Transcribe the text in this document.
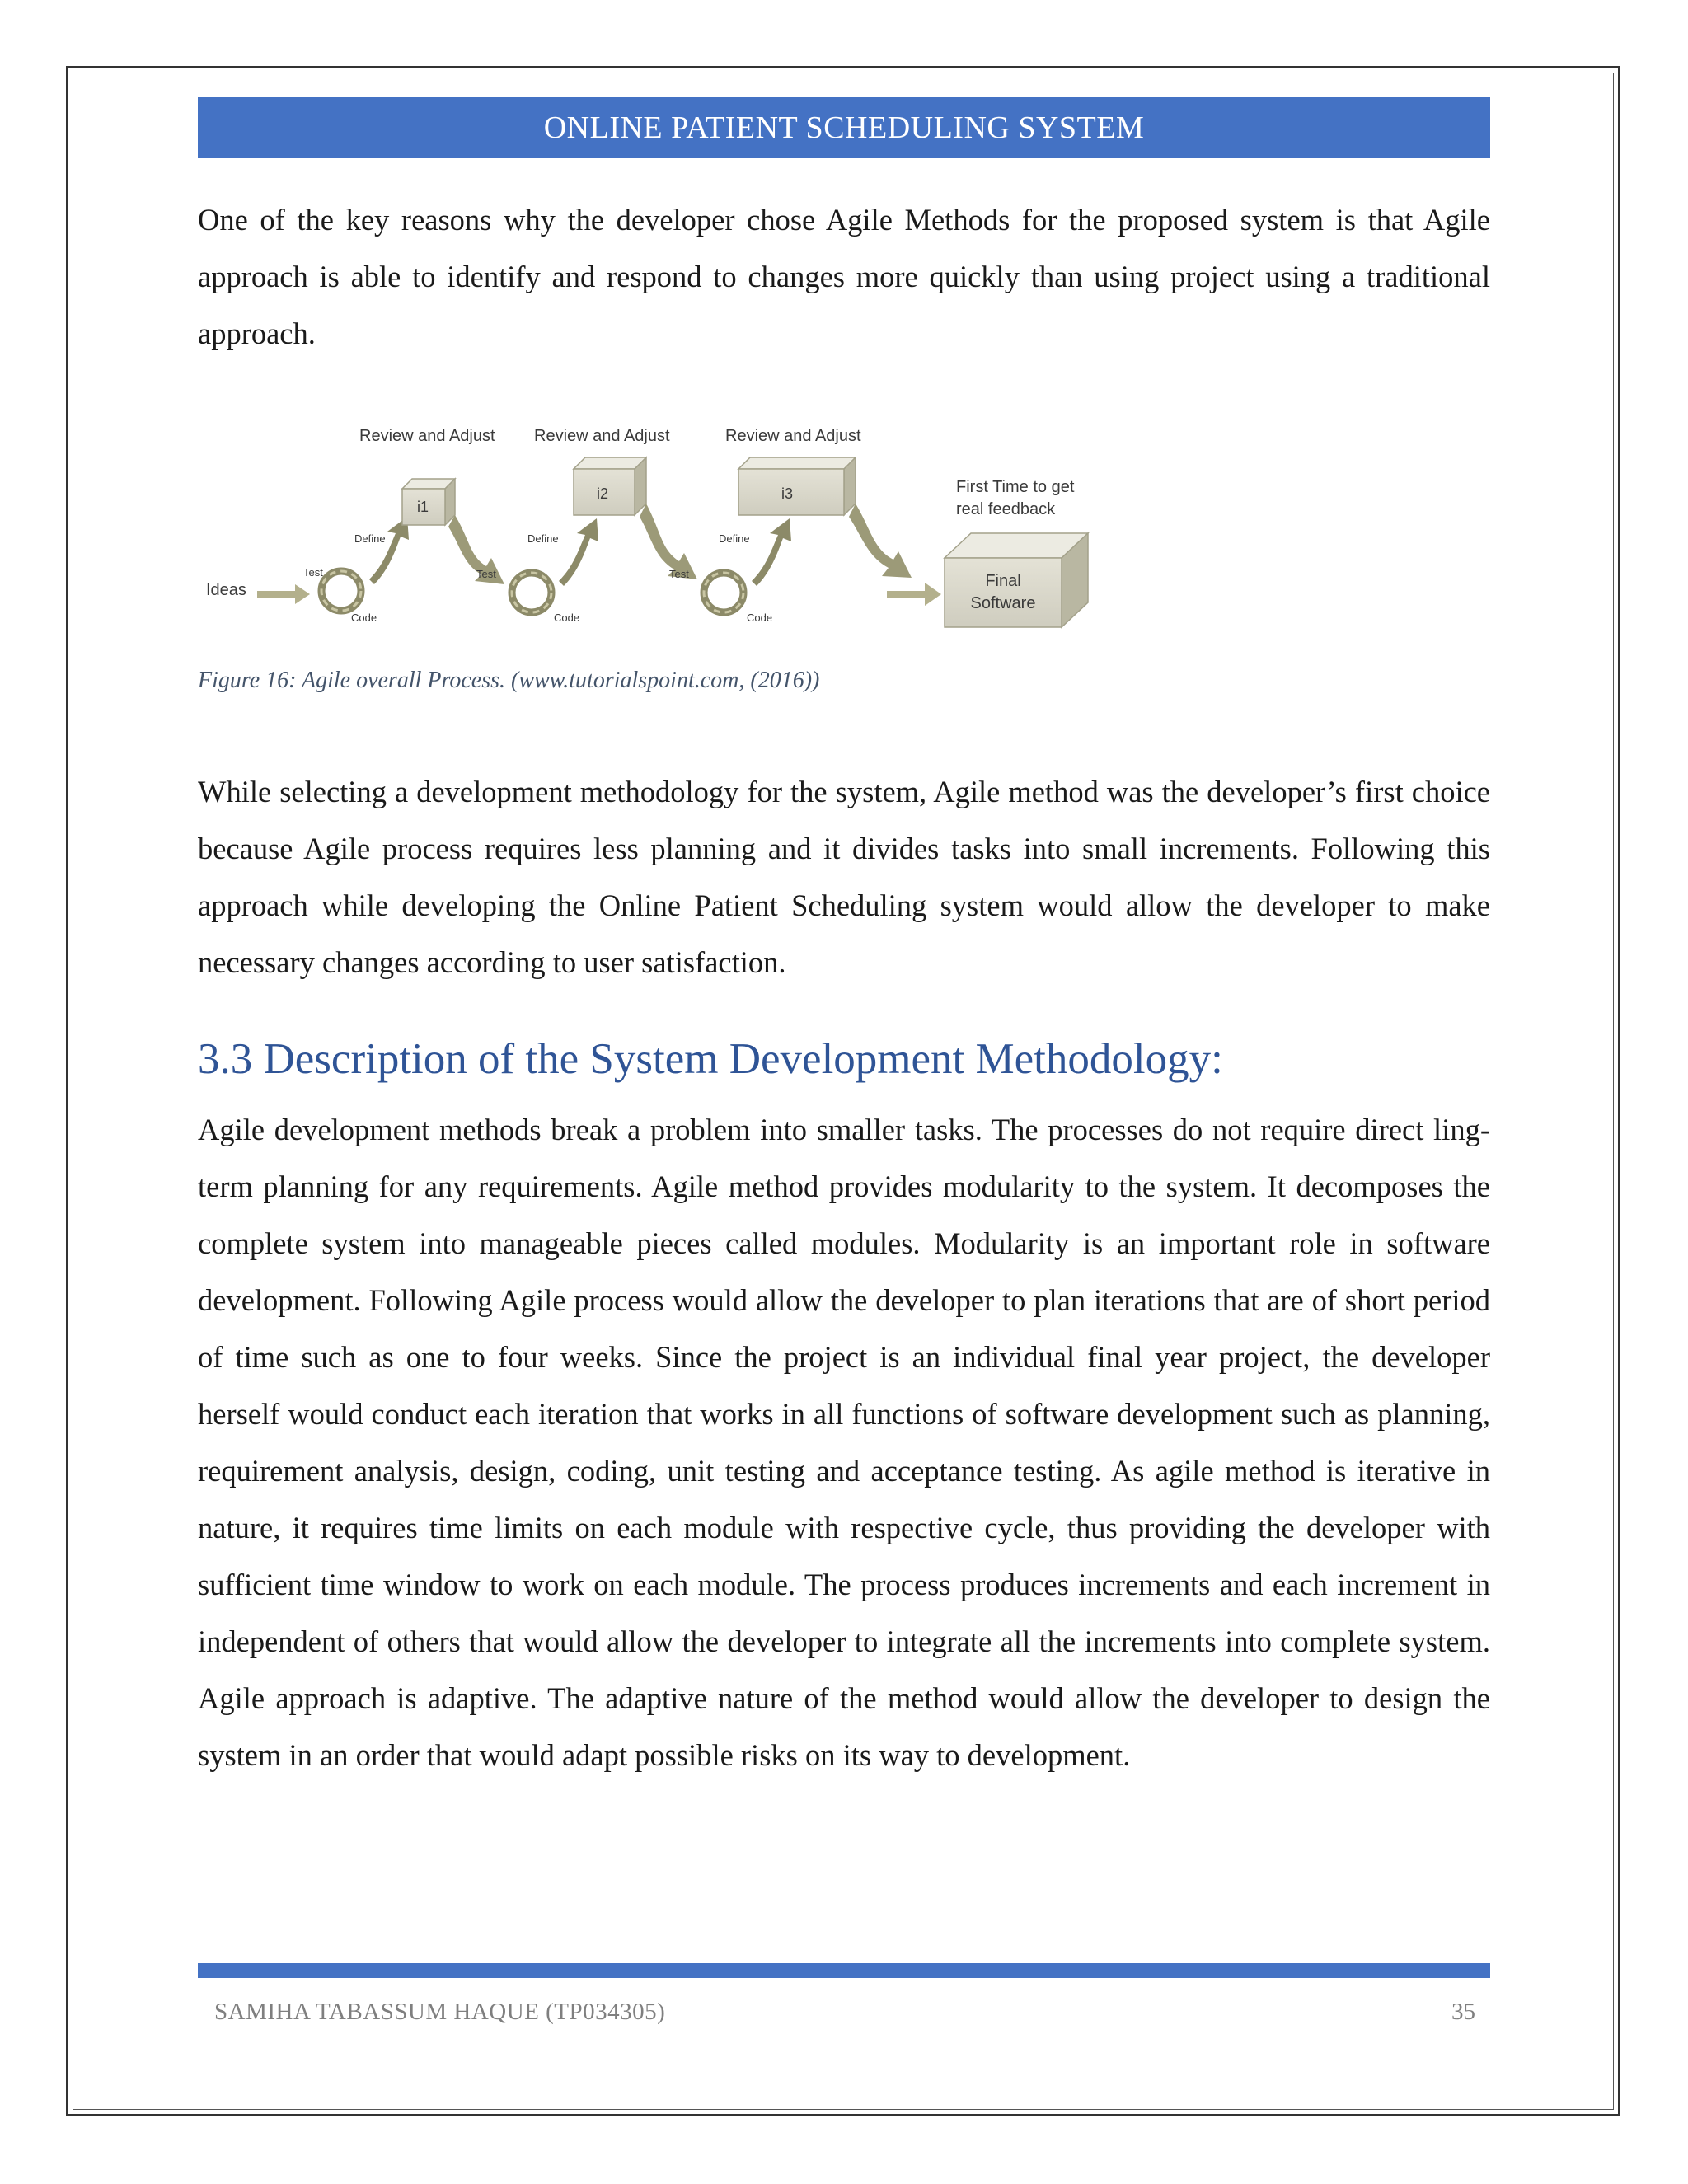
ONLINE PATIENT SCHEDULING SYSTEM

One of the key reasons why the developer chose Agile Methods for the proposed system is that Agile approach is able to identify and respond to changes more quickly than using project using a traditional approach.

Ideas
Test
Define
Code
Review and Adjust
i1
Test
Define
Code
Review and Adjust
i2
Test
Define
Code
Review and Adjust
i3	First Time to get
real feedback
Final
Software
Figure 16: Agile overall Process. (www.tutorialspoint.com, (2016))

While selecting a development methodology for the system, Agile method was the developer’s first choice because Agile process requires less planning and it divides tasks into small increments. Following this approach while developing the Online Patient Scheduling system would allow the developer to make necessary changes according to user satisfaction.

3.3 Description of the System Development Methodology:

Agile development methods break a problem into smaller tasks. The processes do not require direct ling-term planning for any requirements. Agile method provides modularity to the system. It decomposes the complete system into manageable pieces called modules. Modularity is an important role in software development. Following Agile process would allow the developer to plan iterations that are of short period of time such as one to four weeks. Since the project is an individual final year project, the developer herself would conduct each iteration that works in all functions of software development such as planning, requirement analysis, design, coding, unit testing and acceptance testing. As agile method is iterative in nature, it requires time limits on each module with respective cycle, thus providing the developer with sufficient time window to work on each module. The process produces increments and each increment in independent of others that would allow the developer to integrate all the increments into complete system. Agile approach is adaptive. The adaptive nature of the method would allow the developer to design the system in an order that would adapt possible risks on its way to development.

SAMIHA TABASSUM HAQUE (TP034305)	35
